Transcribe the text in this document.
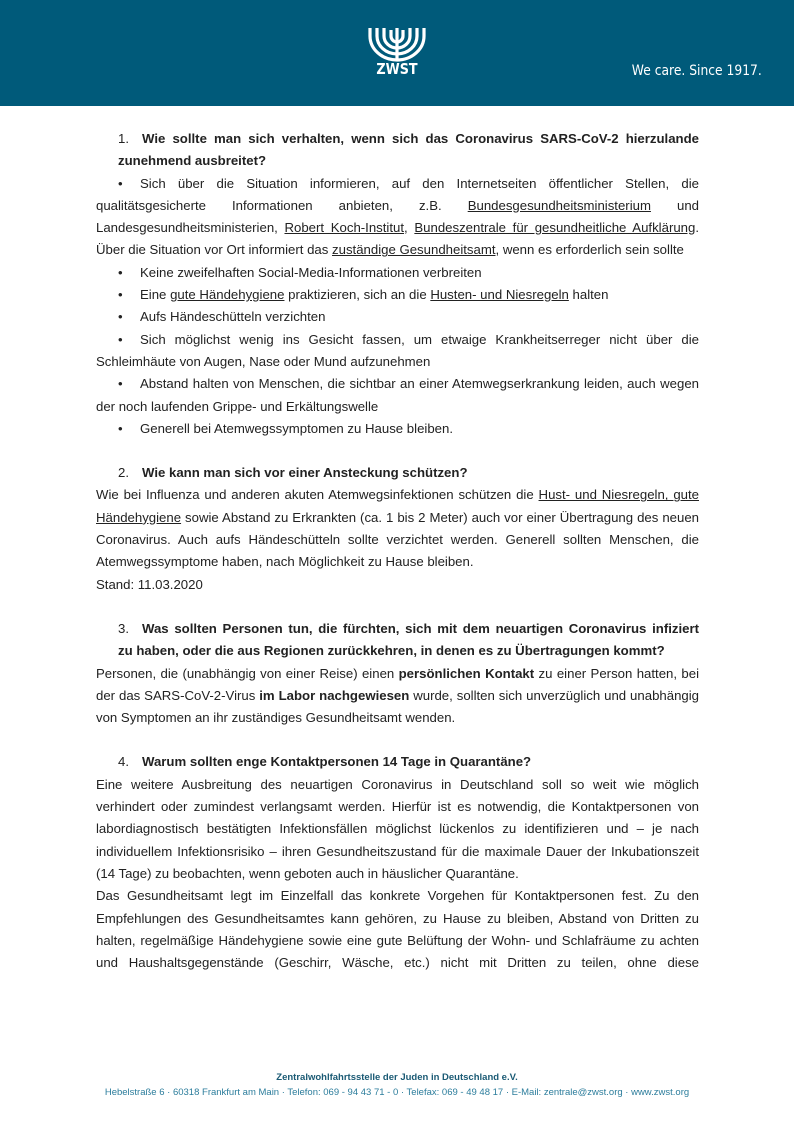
ZWST	We care. Since 1917.

1. Wie sollte man sich verhalten, wenn sich das Coronavirus SARS-CoV-2 hierzulande

zunehmend ausbreitet?

• Sich über die Situation informieren, auf den Internetseiten öffentlicher Stellen, die qualitätsgesicherte Informationen anbieten, z.B. Bundesgesundheitsministerium und Landesgesundheitsministerien, Robert Koch-Institut, Bundeszentrale für gesundheitliche Aufklärung. Über die Situation vor Ort informiert das zuständige Gesundheitsamt, wenn es erforderlich sein sollte

• Keine zweifelhaften Social-Media-Informationen verbreiten

• Eine gute Händehygiene praktizieren, sich an die Husten- und Niesregeln halten

• Aufs Händeschütteln verzichten

• Sich möglichst wenig ins Gesicht fassen, um etwaige Krankheitserreger nicht über die Schleimhäute von Augen, Nase oder Mund aufzunehmen

• Abstand halten von Menschen, die sichtbar an einer Atemwegserkrankung leiden, auch wegen der noch laufenden Grippe- und Erkältungswelle

• Generell bei Atemwegssymptomen zu Hause bleiben.

2. Wie kann man sich vor einer Ansteckung schützen?

Wie bei Influenza und anderen akuten Atemwegsinfektionen schützen die Hust- und Niesregeln, gute Händehygiene sowie Abstand zu Erkrankten (ca. 1 bis 2 Meter) auch vor einer Übertragung des neuen Coronavirus. Auch aufs Händeschütteln sollte verzichtet werden. Generell sollten Menschen, die Atemwegssymptome haben, nach Möglichkeit zu Hause bleiben.

Stand: 11.03.2020

3. Was sollten Personen tun, die fürchten, sich mit dem neuartigen Coronavirus infiziert

zu haben, oder die aus Regionen zurückkehren, in denen es zu Übertragungen kommt?

Personen, die (unabhängig von einer Reise) einen persönlichen Kontakt zu einer Person hatten, bei der das SARS-CoV-2-Virus im Labor nachgewiesen wurde, sollten sich unverzüglich und unabhängig von Symptomen an ihr zuständiges Gesundheitsamt wenden.

4. Warum sollten enge Kontaktpersonen 14 Tage in Quarantäne?

Eine weitere Ausbreitung des neuartigen Coronavirus in Deutschland soll so weit wie möglich verhindert oder zumindest verlangsamt werden. Hierfür ist es notwendig, die Kontaktpersonen von labordiagnostisch bestätigten Infektionsfällen möglichst lückenlos zu identifizieren und – je nach individuellem Infektionsrisiko – ihren Gesundheitszustand für die maximale Dauer der Inkubationszeit (14 Tage) zu beobachten, wenn geboten auch in häuslicher Quarantäne.

Das Gesundheitsamt legt im Einzelfall das konkrete Vorgehen für Kontaktpersonen fest. Zu den Empfehlungen des Gesundheitsamtes kann gehören, zu Hause zu bleiben, Abstand von Dritten zu halten, regelmäßige Händehygiene sowie eine gute Belüftung der Wohn- und Schlafräume zu achten und Haushaltsgegenstände (Geschirr, Wäsche, etc.) nicht mit Dritten zu teilen, ohne diese

Zentralwohlfahrtsstelle der Juden in Deutschland e.V.
Hebelstraße 6 · 60318 Frankfurt am Main · Telefon: 069 - 94 43 71 - 0 · Telefax: 069 - 49 48 17 · E-Mail: zentrale@zwst.org · www.zwst.org
